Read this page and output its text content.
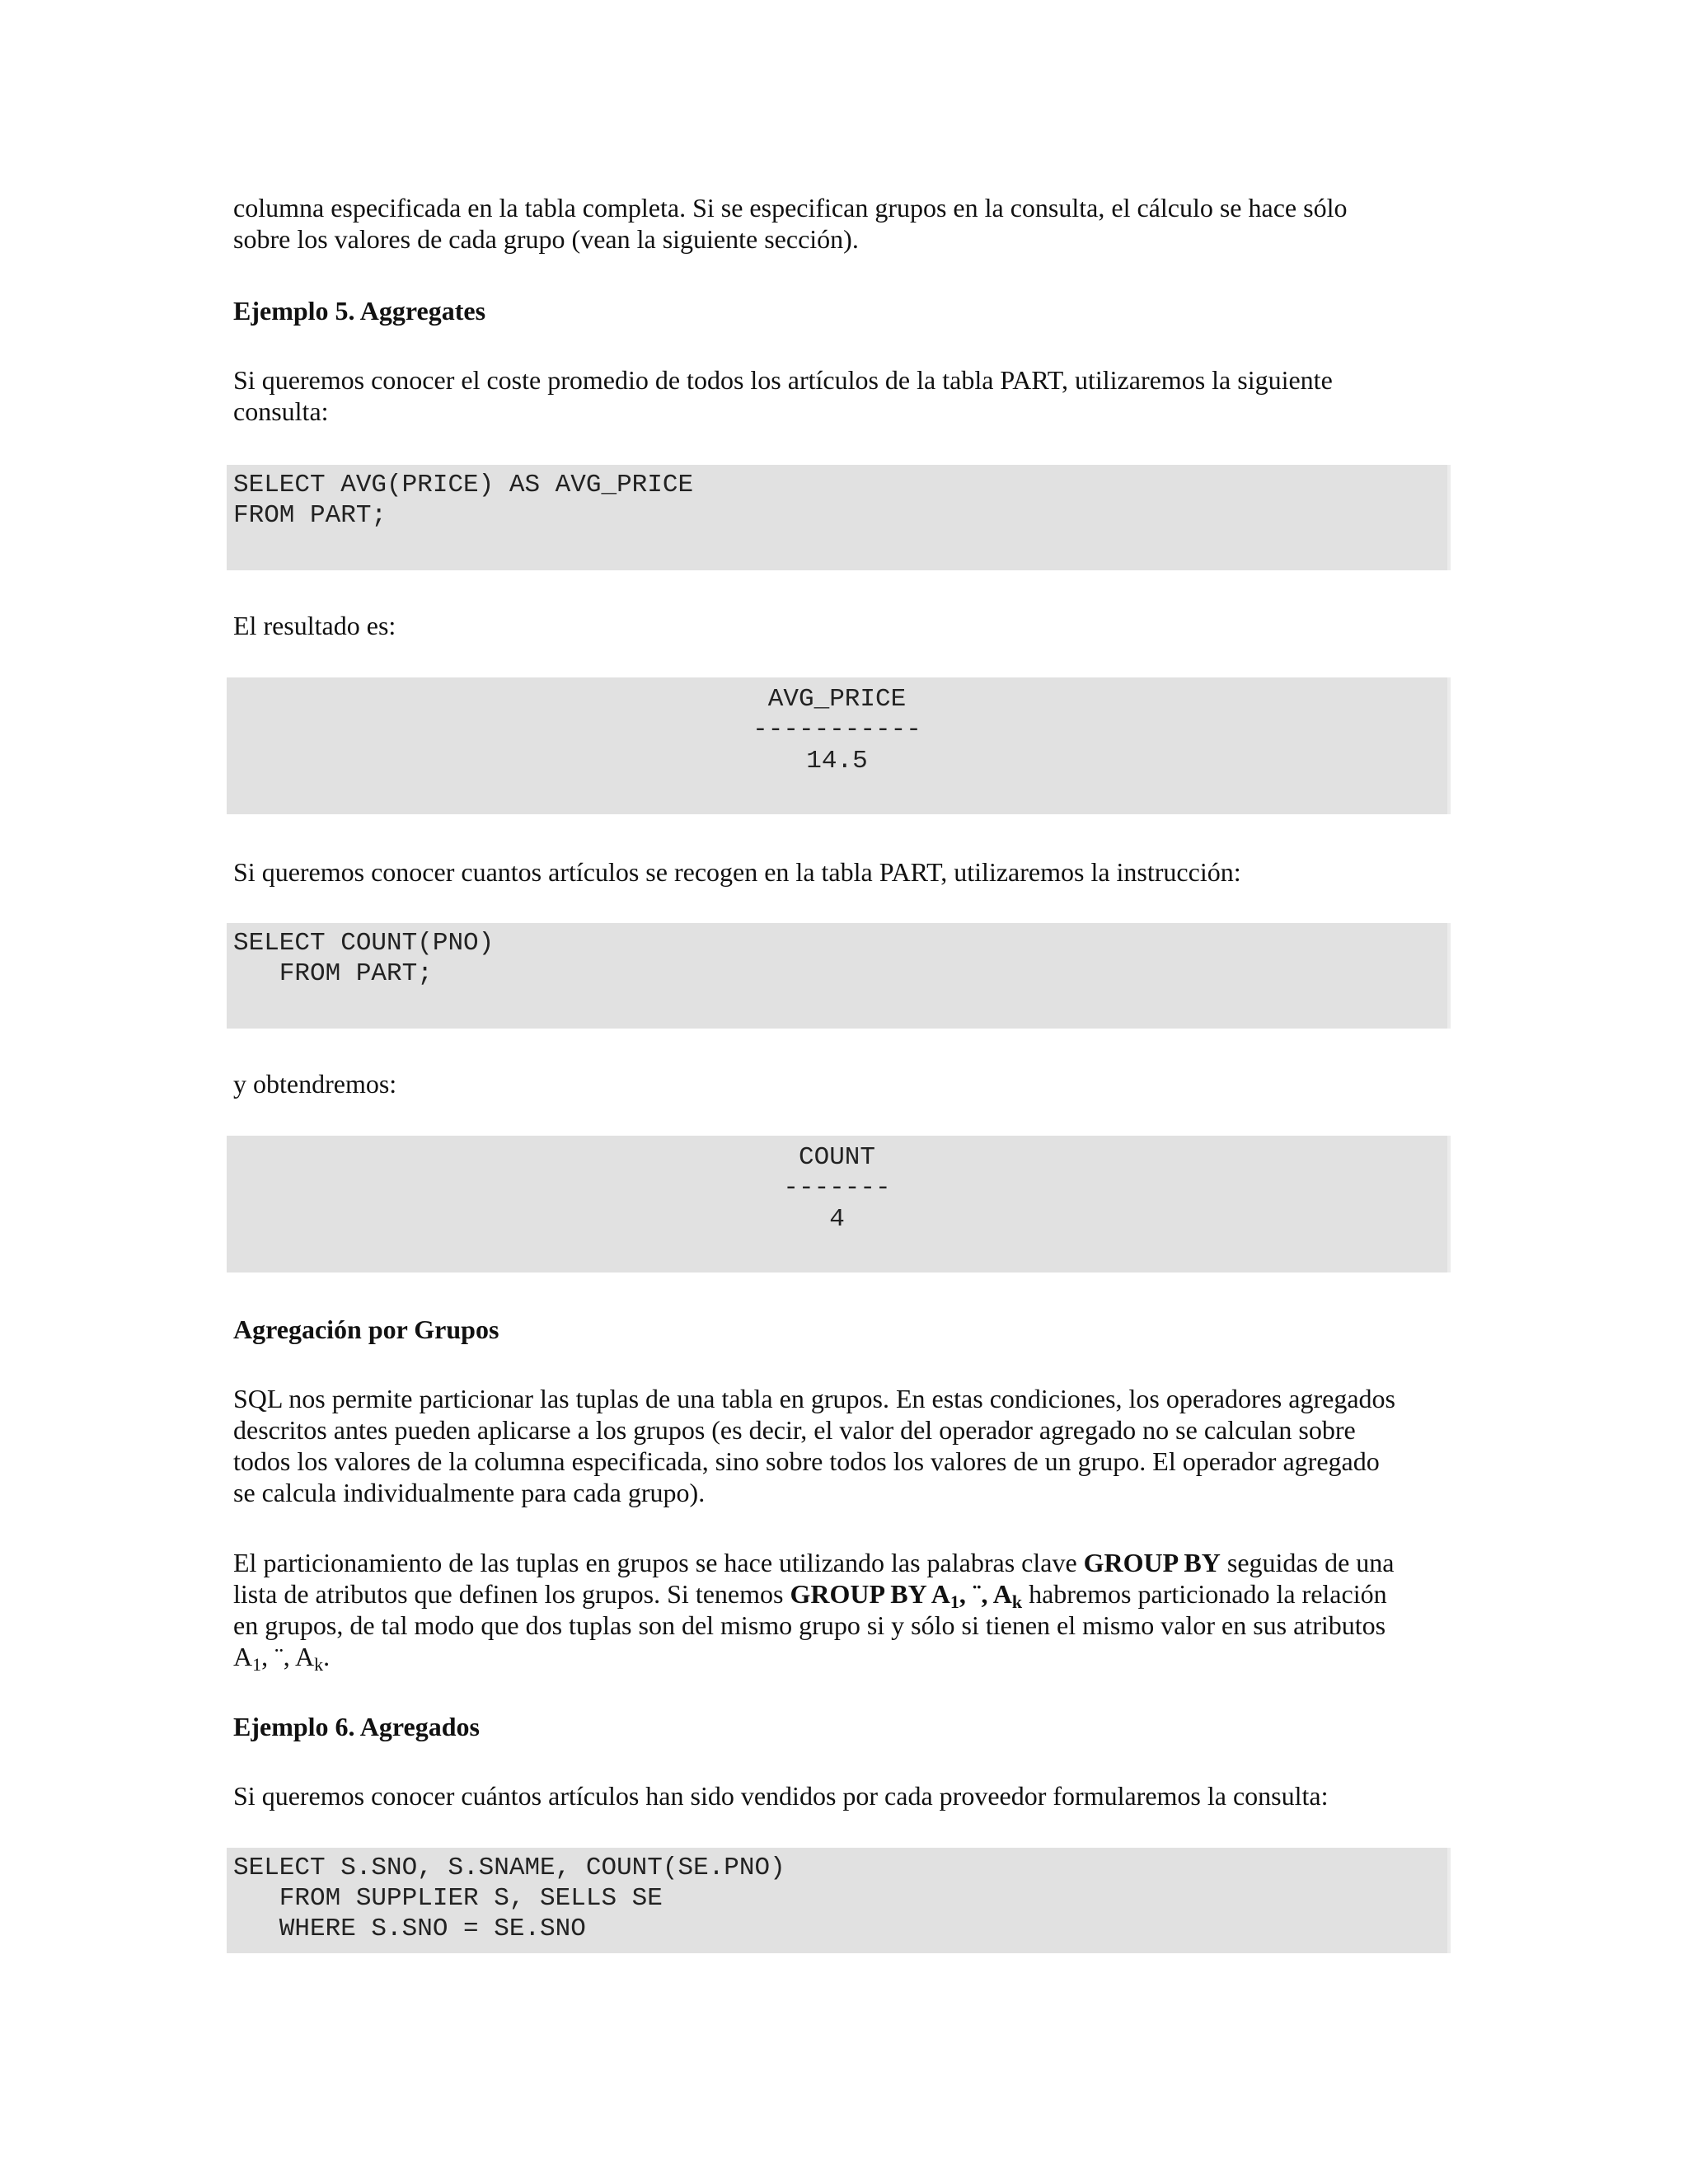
columna especificada en la tabla completa. Si se especifican grupos en la consulta, el cálculo se hace sólo
sobre los valores de cada grupo (vean la siguiente sección).

Ejemplo 5. Aggregates

Si queremos conocer el coste promedio de todos los artículos de la tabla PART, utilizaremos la siguiente
consulta:

SELECT AVG(PRICE) AS AVG_PRICE
FROM PART;

El resultado es:

AVG_PRICE
-----------
14.5

Si queremos conocer cuantos artículos se recogen en la tabla PART, utilizaremos la instrucción:

SELECT COUNT(PNO)
FROM PART;

y obtendremos:

COUNT
-------
4

Agregación por Grupos

SQL nos permite particionar las tuplas de una tabla en grupos. En estas condiciones, los operadores agregados
descritos antes pueden aplicarse a los grupos (es decir, el valor del operador agregado no se calculan sobre
todos los valores de la columna especificada, sino sobre todos los valores de un grupo. El operador agregado
se calcula individualmente para cada grupo).

El particionamiento de las tuplas en grupos se hace utilizando las palabras clave GROUP BY seguidas de una
lista de atributos que definen los grupos. Si tenemos GROUP BY $A_1$, ¨, $A_k$ habremos particionado la relación
en grupos, de tal modo que dos tuplas son del mismo grupo si y sólo si tienen el mismo valor en sus atributos
$A_1$, ¨, $A_k$.

Ejemplo 6. Agregados

Si queremos conocer cuántos artículos han sido vendidos por cada proveedor formularemos la consulta:

SELECT S.SNO, S.SNAME, COUNT(SE.PNO)
FROM SUPPLIER S, SELLS SE
WHERE S.SNO = SE.SNO
